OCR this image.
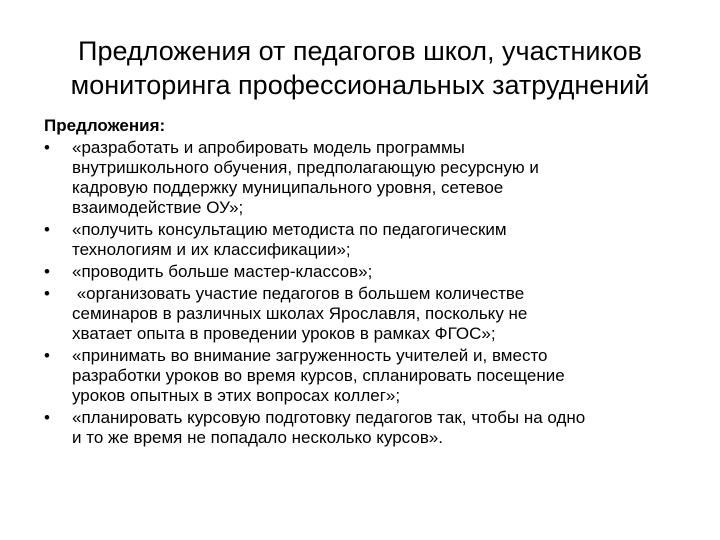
Предложения от педагогов школ, участников
мониторинга профессиональных затруднений
Предложения:
•	«разработать и апробировать модель программы
внутришкольного обучения, предполагающую ресурсную и
кадровую поддержку муниципального уровня, сетевое
взаимодействие ОУ»;
•	«получить консультацию методиста по педагогическим
технологиям и их классификации»;
•	«проводить больше мастер-классов»;
•	«организовать участие педагогов в большем количестве
семинаров в различных школах Ярославля, поскольку не
хватает опыта в проведении уроков в рамках ФГОС»;
•	«принимать во внимание загруженность учителей и, вместо
разработки уроков во время курсов, спланировать посещение
уроков опытных в этих вопросах коллег»;
•	«планировать курсовую подготовку педагогов так, чтобы на одно
и то же время не попадало несколько курсов».
